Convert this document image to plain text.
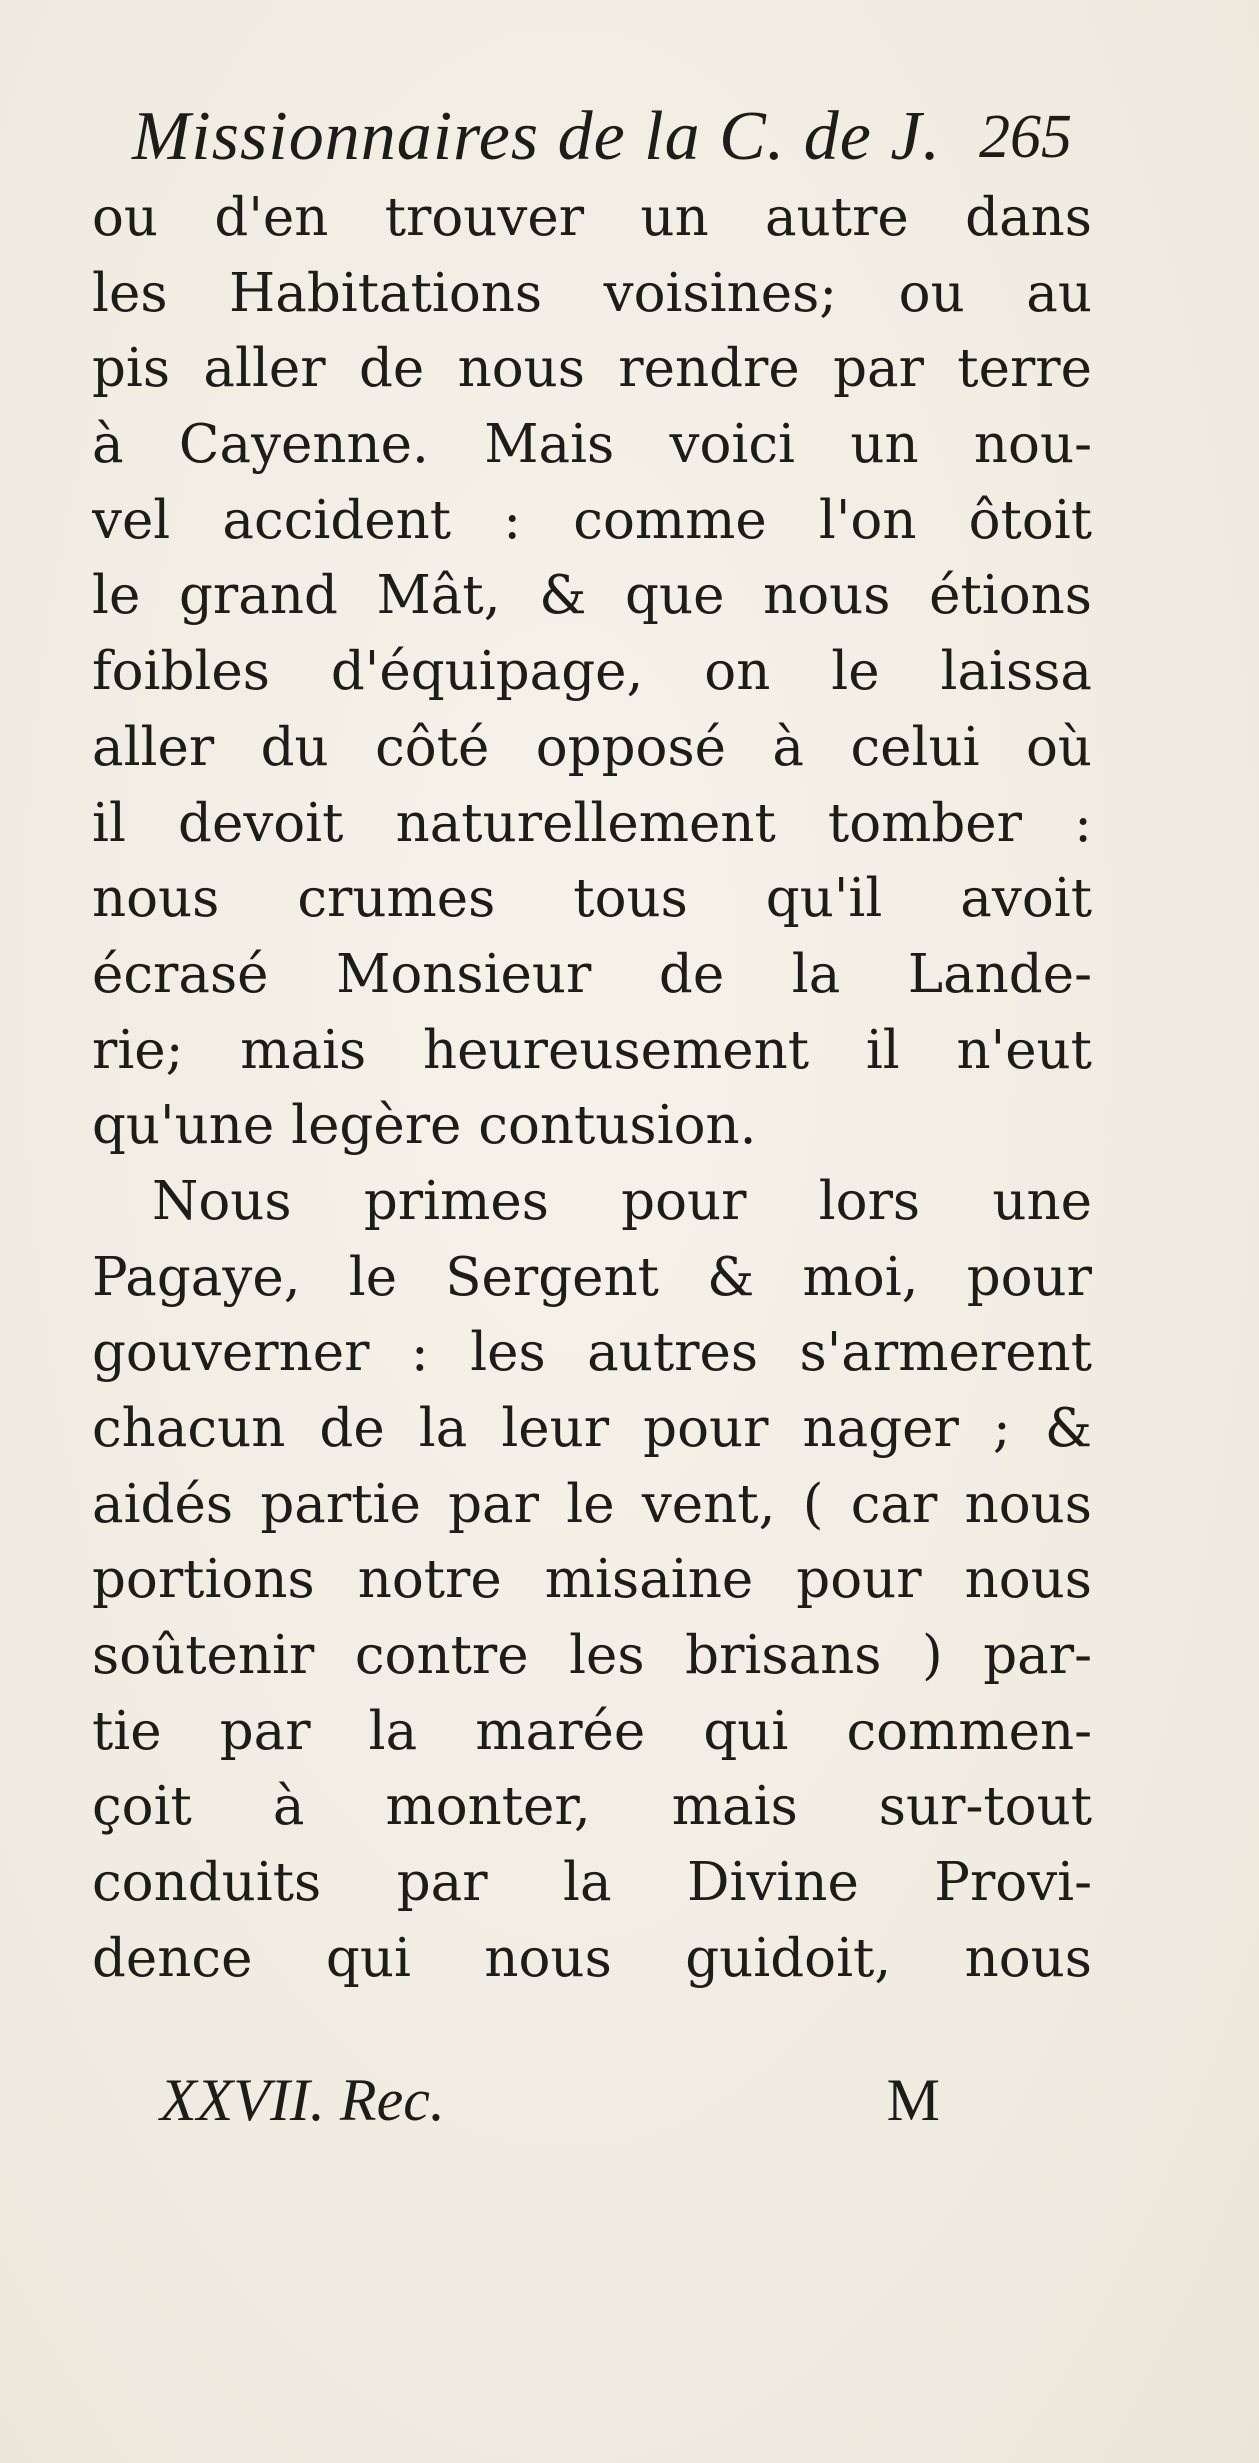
Missionnaires de la C. de J. 265
ou d'en trouver un autre dans
les Habitations voisines; ou au
pis aller de nous rendre par terre
à Cayenne. Mais voici un nou-
vel accident : comme l'on ôtoit
le grand Mât, & que nous étions
foibles d'équipage, on le laissa
aller du côté opposé à celui où
il devoit naturellement tomber :
nous crumes tous qu'il avoit
écrasé Monsieur de la Lande-
rie; mais heureusement il n'eut
qu'une legère contusion.
Nous primes pour lors une
Pagaye, le Sergent & moi, pour
gouverner : les autres s'armerent
chacun de la leur pour nager ; &
aidés partie par le vent, ( car nous
portions notre misaine pour nous
soûtenir contre les brisans ) par-
tie par la marée qui commen-
çoit à monter, mais sur-tout
conduits par la Divine Provi-
dence qui nous guidoit, nous
XXVII. Rec.	M
